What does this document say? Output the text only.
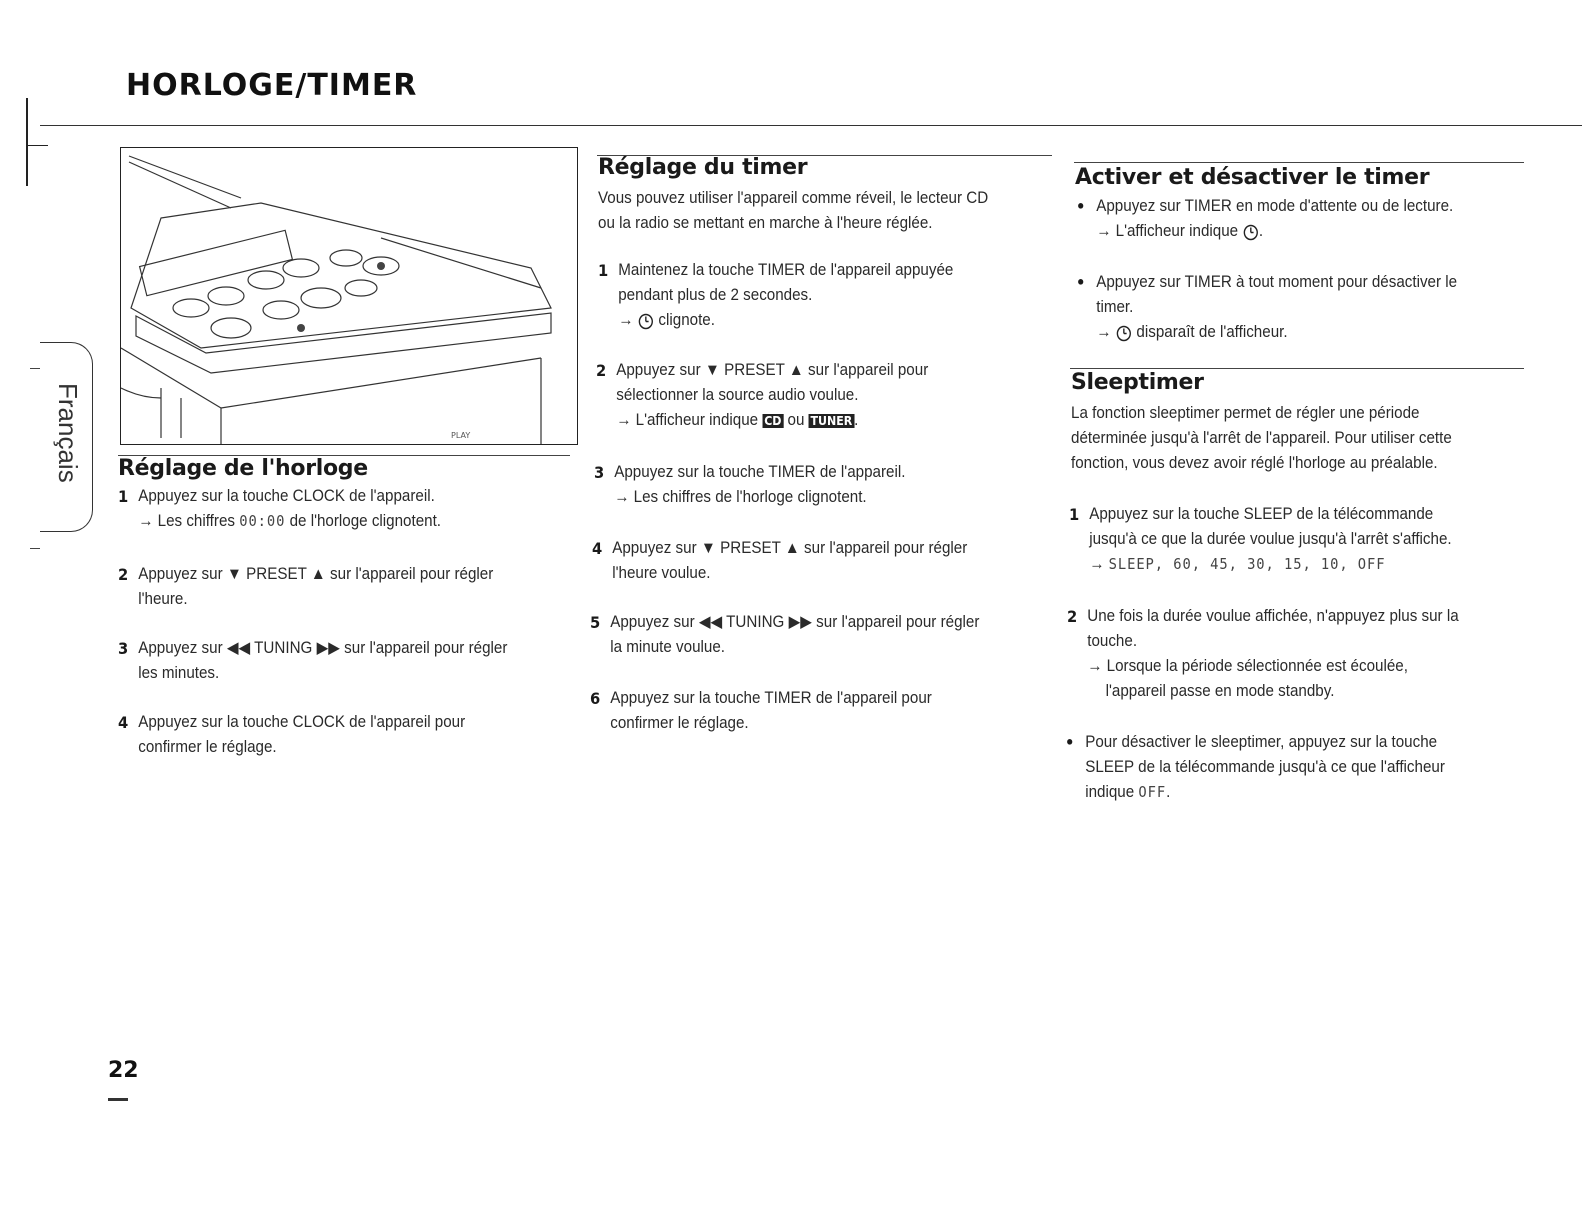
HORLOGE/TIMER
Français
22
PLAY
Réglage de l'horloge
1 Appuyez sur la touche CLOCK de l'appareil.
→ Les chiffres 00:00 de l'horloge clignotent.
2 Appuyez sur ▼ PRESET ▲ sur l'appareil pour régler
l'heure.
3 Appuyez sur ◀◀ TUNING ▶▶ sur l'appareil pour régler
les minutes.
4 Appuyez sur la touche CLOCK de l'appareil pour
confirmer le réglage.
Réglage du timer
Vous pouvez utiliser l'appareil comme réveil, le lecteur CD
ou la radio se mettant en marche à l'heure réglée.
1 Maintenez la touche TIMER de l'appareil appuyée
pendant plus de 2 secondes.
→ clignote.
2 Appuyez sur ▼ PRESET ▲ sur l'appareil pour
sélectionner la source audio voulue.
→ L'afficheur indique CD ou TUNER .
3 Appuyez sur la touche TIMER de l'appareil.
→ Les chiffres de l'horloge clignotent.
4 Appuyez sur ▼ PRESET ▲ sur l'appareil pour régler
l'heure voulue.
5 Appuyez sur ◀◀ TUNING ▶▶ sur l'appareil pour régler
la minute voulue.
6 Appuyez sur la touche TIMER de l'appareil pour
confirmer le réglage.
Activer et désactiver le timer
• Appuyez sur TIMER en mode d'attente ou de lecture.
→ L'afficheur indique .
• Appuyez sur TIMER à tout moment pour désactiver le
timer.
→ disparaît de l'afficheur.
Sleeptimer
La fonction sleeptimer permet de régler une période
déterminée jusqu'à l'arrêt de l'appareil. Pour utiliser cette
fonction, vous devez avoir réglé l'horloge au préalable.
1 Appuyez sur la touche SLEEP de la télécommande
jusqu'à ce que la durée voulue jusqu'à l'arrêt s'affiche.
→ SLEEP, 60, 45, 30, 15, 10, OFF
2 Une fois la durée voulue affichée, n'appuyez plus sur la
touche.
→ Lorsque la période sélectionnée est écoulée,
l'appareil passe en mode standby.
• Pour désactiver le sleeptimer, appuyez sur la touche
SLEEP de la télécommande jusqu'à ce que l'afficheur
indique OFF.
